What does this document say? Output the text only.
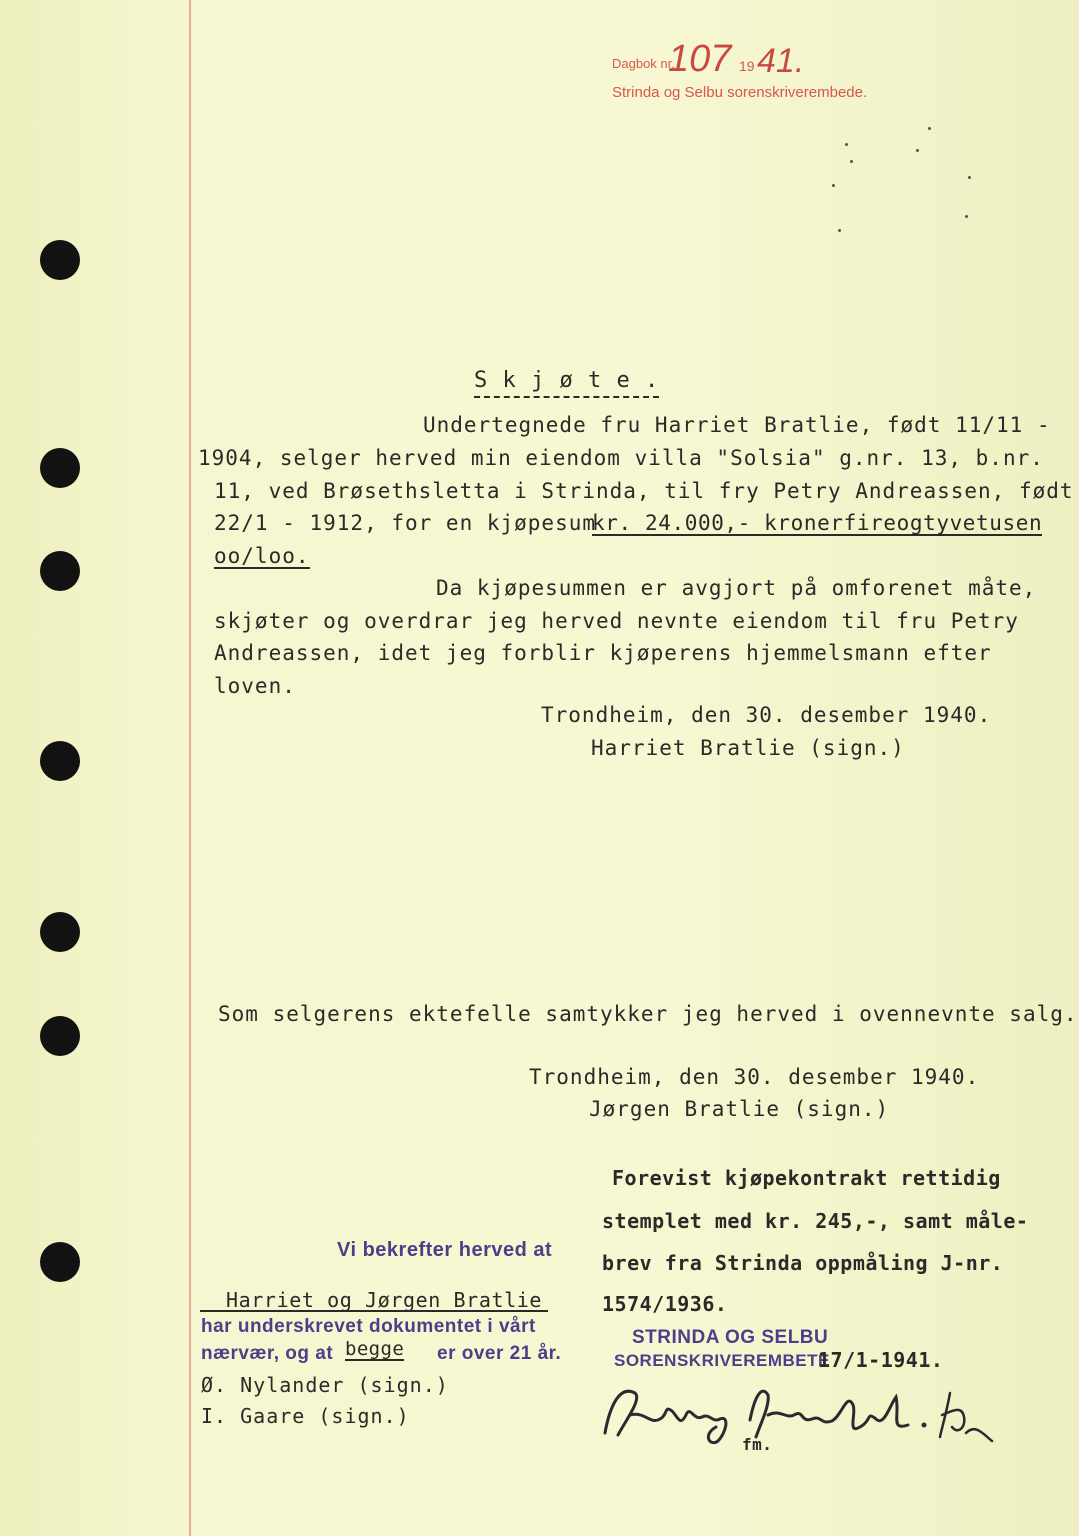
Dagbok nr.
107 19 41.
Strinda og Selbu sorenskriverembede.
S k j ø t e .
Undertegnede fru Harriet Bratlie, født 11/11 -
1904, selger herved min eiendom villa "Solsia" g.nr. 13, b.nr.
11, ved Brøsethsletta i Strinda, til fry Petry Andreassen, født
22/1 - 1912, for en kjøpesum
kr. 24.000,- kronerfireogtyvetusen
oo/loo.
Da kjøpesummen er avgjort på omforenet måte,
skjøter og overdrar jeg herved nevnte eiendom til fru Petry
Andreassen, idet jeg forblir kjøperens hjemmelsmann efter
loven.
Trondheim, den 30. desember 1940.
Harriet Bratlie (sign.)
Som selgerens ektefelle samtykker jeg herved i ovennevnte salg.
Trondheim, den 30. desember 1940.
Jørgen Bratlie (sign.)
Forevist kjøpekontrakt rettidig
stemplet med kr. 245,-, samt måle-
brev fra Strinda oppmåling J-nr.
1574/1936.
STRINDA OG SELBU
SORENSKRIVEREMBETE
17/1-1941.
fm.
Vi bekrefter herved at
Harriet og Jørgen Bratlie
har underskrevet dokumentet i vårt
nærvær, og at begge er over 21 år.
Ø. Nylander (sign.)
I. Gaare (sign.)
